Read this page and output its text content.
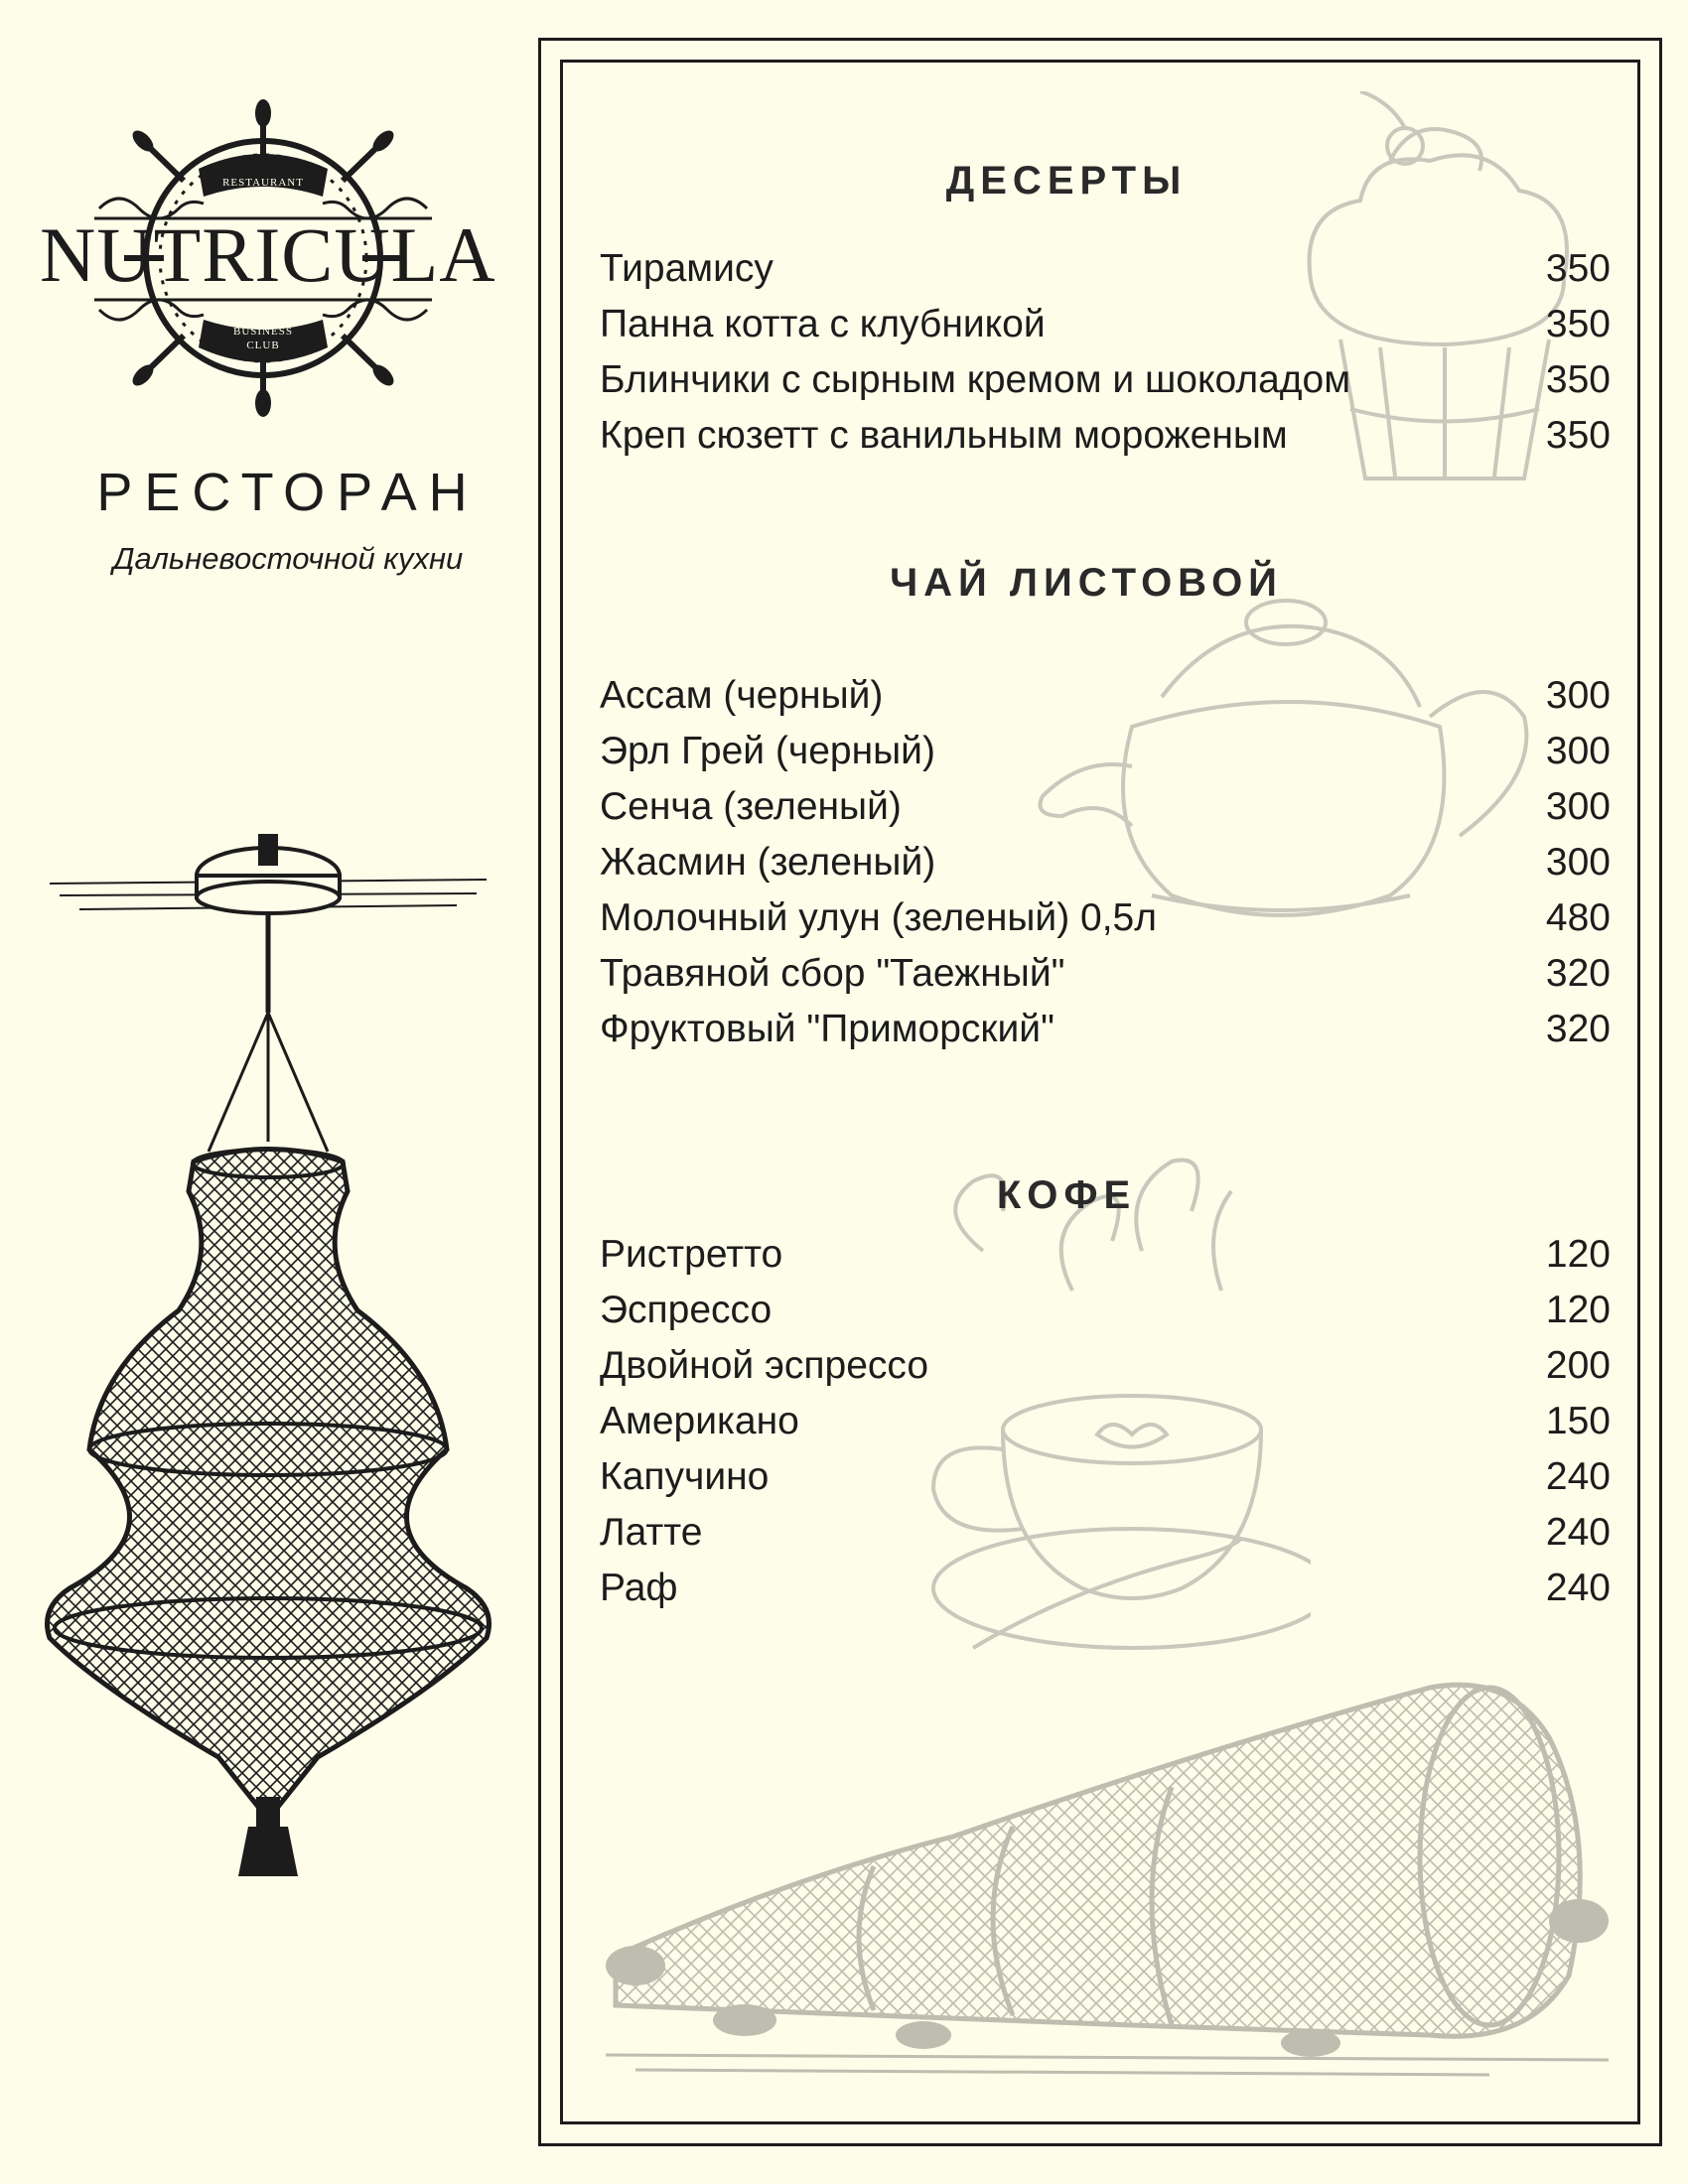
NUTRICULA
RESTAURANT
BUSINESS
CLUB
РЕСТОРАН
Дальневосточной кухни
ДЕСЕРТЫ
Тирамису	350
Панна котта с клубникой	350
Блинчики с сырным кремом и шоколадом	350
Креп сюзетт с ванильным мороженым	350
ЧАЙ ЛИСТОВОЙ
Ассам (черный)	300
Эрл Грей (черный)	300
Сенча (зеленый)	300
Жасмин (зеленый)	300
Молочный улун (зеленый) 0,5л	480
Травяной сбор "Таежный"	320
Фруктовый "Приморский"	320
КОФЕ
Ристретто	120
Эспрессо	120
Двойной эспрессо	200
Американо	150
Капучино	240
Латте	240
Раф	240
